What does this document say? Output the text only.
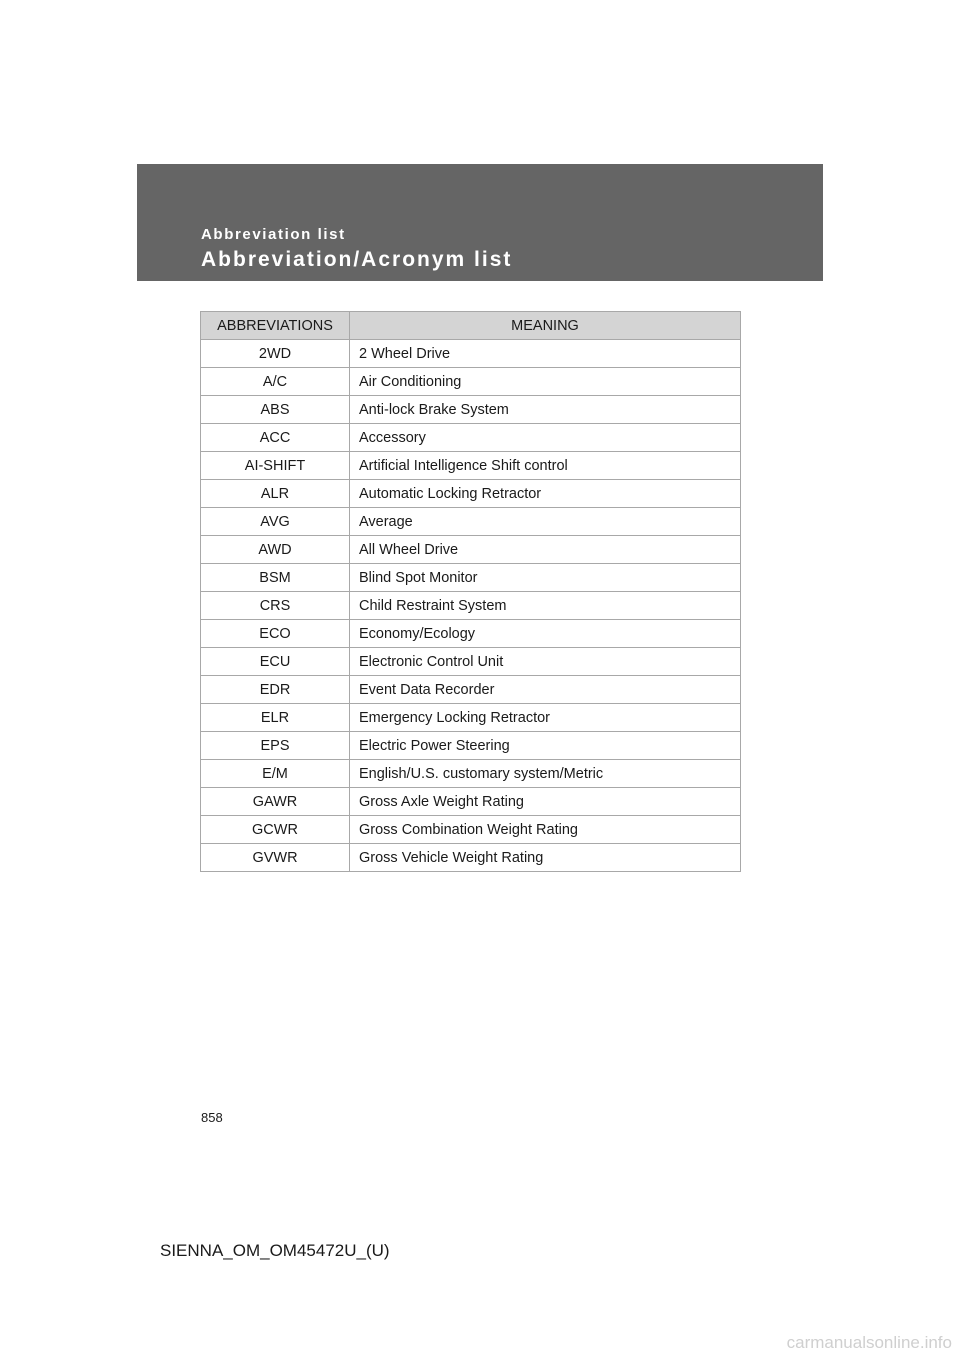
Abbreviation list
Abbreviation/Acronym list
ABBREVIATIONS	MEANING
2WD	2 Wheel Drive
A/C	Air Conditioning
ABS	Anti-lock Brake System
ACC	Accessory
AI-SHIFT	Artificial Intelligence Shift control
ALR	Automatic Locking Retractor
AVG	Average
AWD	All Wheel Drive
BSM	Blind Spot Monitor
CRS	Child Restraint System
ECO	Economy/Ecology
ECU	Electronic Control Unit
EDR	Event Data Recorder
ELR	Emergency Locking Retractor
EPS	Electric Power Steering
E/M	English/U.S. customary system/Metric
GAWR	Gross Axle Weight Rating
GCWR	Gross Combination Weight Rating
GVWR	Gross Vehicle Weight Rating
858
SIENNA_OM_OM45472U_(U)
carmanualsonline.info
